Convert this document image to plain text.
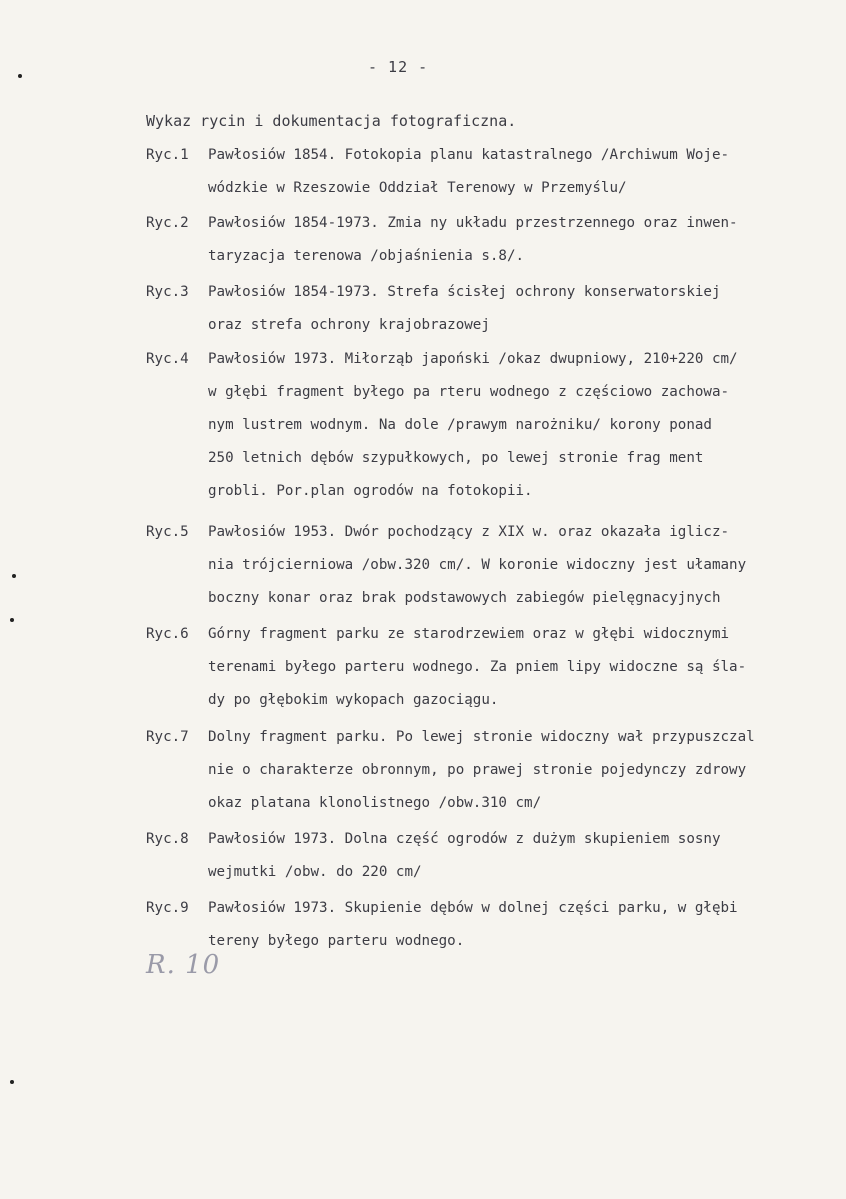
- 12 -
Wykaz rycin i dokumentacja fotograficzna.
Ryc.1 Pawłosiów 1854. Fotokopia planu katastralnego /Archiwum Woje-
wódzkie w Rzeszowie Oddział Terenowy w Przemyślu/
Ryc.2 Pawłosiów 1854-1973. Zmia ny układu przestrzennego oraz inwen-
taryzacja terenowa /objaśnienia s.8/.
Ryc.3 Pawłosiów 1854-1973. Strefa ścisłej ochrony konserwatorskiej
oraz strefa ochrony krajobrazowej
Ryc.4 Pawłosiów 1973. Miłorząb japoński /okaz dwupniowy, 210+220 cm/
w głębi fragment byłego pa rteru wodnego z częściowo zachowa-
nym lustrem wodnym. Na dole /prawym narożniku/ korony ponad
250 letnich dębów szypułkowych, po lewej stronie frag ment
grobli. Por.plan ogrodów na fotokopii.
Ryc.5 Pawłosiów 1953. Dwór pochodzący z XIX w. oraz okazała iglicz-
nia trójcierniowa /obw.320 cm/. W koronie widoczny jest ułamany
boczny konar oraz brak podstawowych zabiegów pielęgnacyjnych
Ryc.6 Górny fragment parku ze starodrzewiem oraz w głębi widocznymi
terenami byłego parteru wodnego. Za pniem lipy widoczne są śla-
dy po głębokim wykopach gazociągu.
Ryc.7 Dolny fragment parku. Po lewej stronie widoczny wał przypuszczal
nie o charakterze obronnym, po prawej stronie pojedynczy zdrowy
okaz platana klonolistnego /obw.310 cm/
Ryc.8 Pawłosiów 1973. Dolna część ogrodów z dużym skupieniem sosny
wejmutki /obw. do 220 cm/
Ryc.9 Pawłosiów 1973. Skupienie dębów w dolnej części parku, w głębi
tereny byłego parteru wodnego.
R. 10
